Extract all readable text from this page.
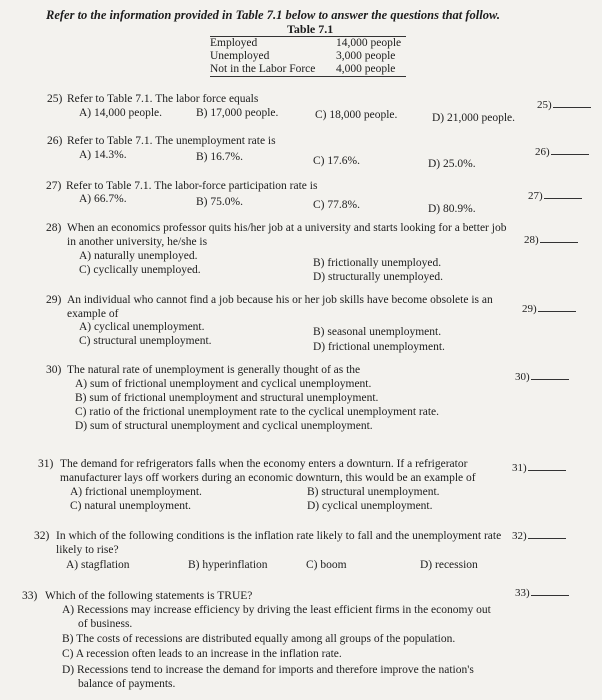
Refer to the information provided in Table 7.1 below to answer the questions that follow.
Table 7.1
Employed	14,000 people
Unemployed	3,000 people
Not in the Labor Force 4,000 people
25) Refer to Table 7.1. The labor force equals
A) 14,000 people.	B) 17,000 people.	C) 18,000 people.	D) 21,000 people.
25)
26) Refer to Table 7.1. The unemployment rate is
A) 14.3%.	B) 16.7%.	C) 17.6%.	D) 25.0%.
26)
27) Refer to Table 7.1. The labor-force participation rate is
A) 66.7%.	B) 75.0%.	C) 77.8%.	D) 80.9%.
27)
28) When an economics professor quits his/her job at a university and starts looking for a better job
in another university, he/she is
A) naturally unemployed.
B) frictionally unemployed.
C) cyclically unemployed.
D) structurally unemployed.
28)
29) An individual who cannot find a job because his or her job skills have become obsolete is an
example of
A) cyclical unemployment.	B) seasonal unemployment.
C) structural unemployment.	D) frictional unemployment.
29)
30) The natural rate of unemployment is generally thought of as the
A) sum of frictional unemployment and cyclical unemployment.
B) sum of frictional unemployment and structural unemployment.
C) ratio of the frictional unemployment rate to the cyclical unemployment rate.
D) sum of structural unemployment and cyclical unemployment.
30)
31) The demand for refrigerators falls when the economy enters a downturn. If a refrigerator
manufacturer lays off workers during an economic downturn, this would be an example of
A) frictional unemployment.	B) structural unemployment.
C) natural unemployment.	D) cyclical unemployment.
31)
32) In which of the following conditions is the inflation rate likely to fall and the unemployment rate
likely to rise?
A) stagflation	B) hyperinflation	C) boom	D) recession
32)
33) Which of the following statements is TRUE?
A) Recessions may increase efficiency by driving the least efficient firms in the economy out
of business.
B) The costs of recessions are distributed equally among all groups of the population.
C) A recession often leads to an increase in the inflation rate.
D) Recessions tend to increase the demand for imports and therefore improve the nation's
balance of payments.
33)
